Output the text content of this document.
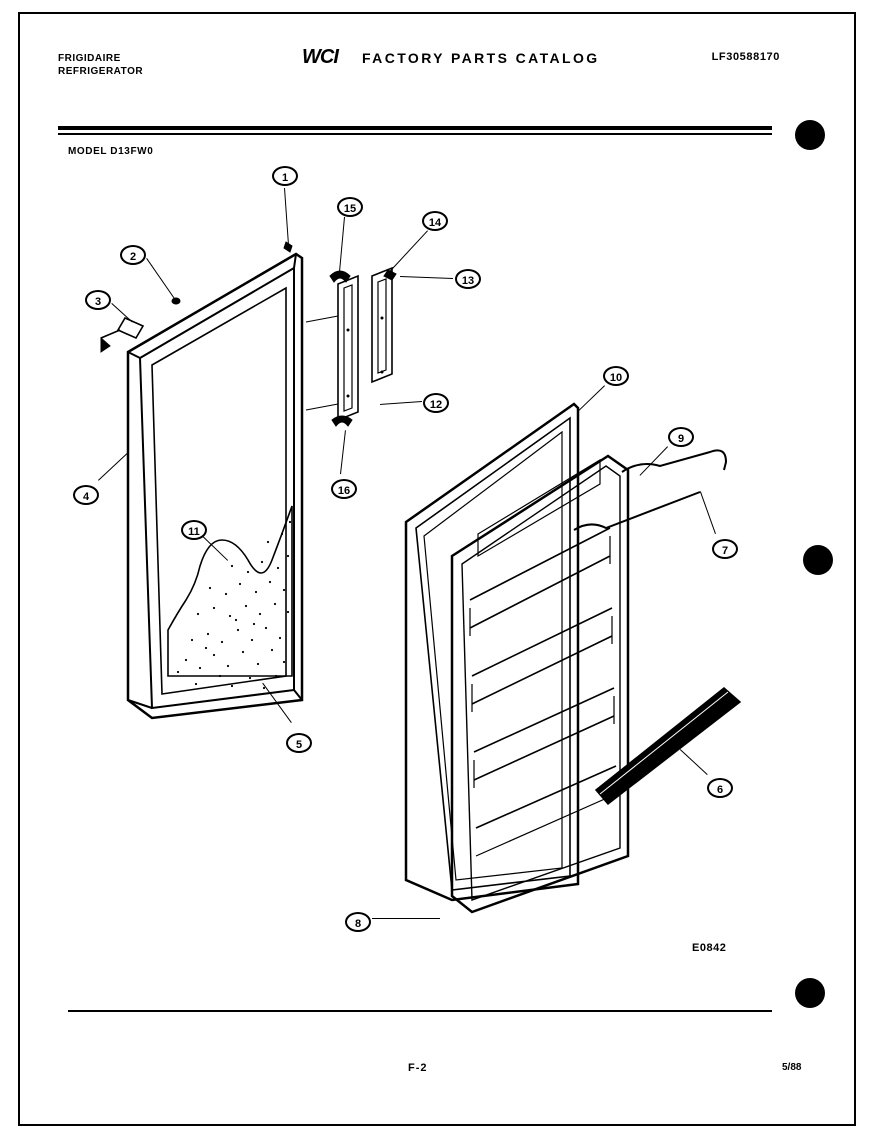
FRIGIDAIRE
REFRIGERATOR
WCI FACTORY PARTS CATALOG	LF30588170
MODEL D13FW0
1
2
3
4
5
6
7
8
9
10
11
12
13
14
15
16
E0842
F-2	5/88
